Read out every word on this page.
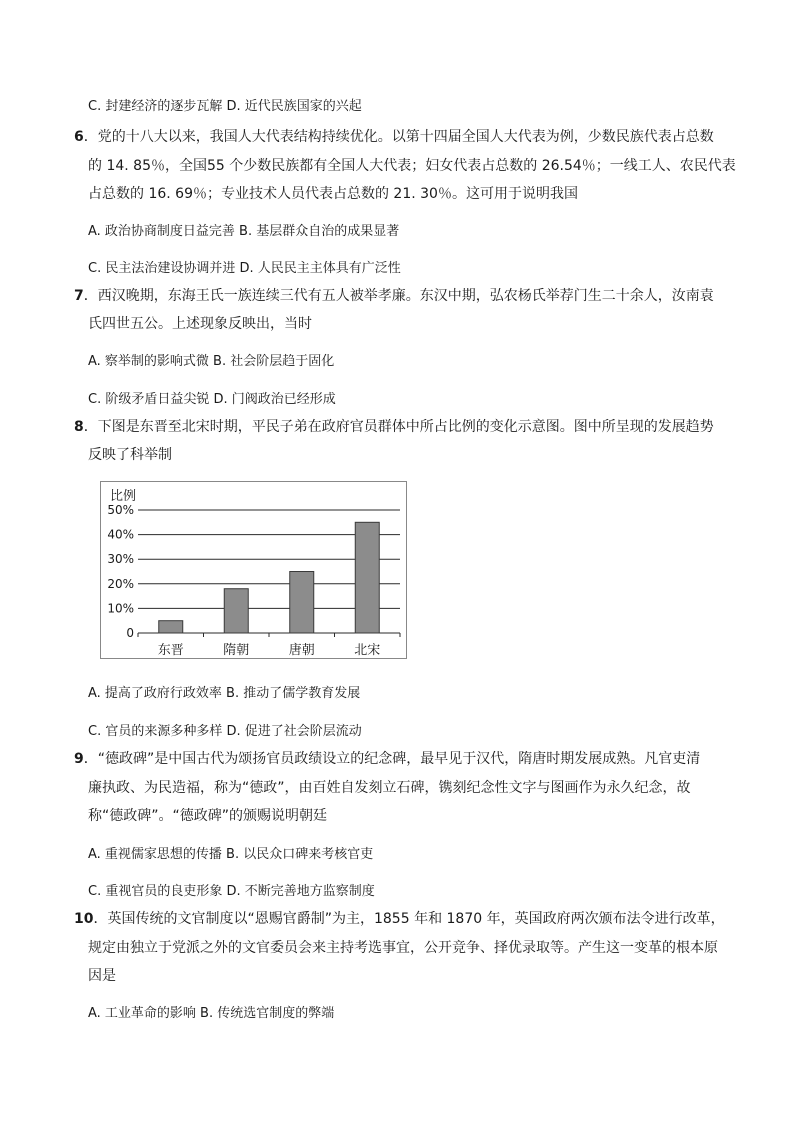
C. 封建经济的逐步瓦解 D. 近代民族国家的兴起
6．党的十八大以来，我国人大代表结构持续优化。以第十四届全国人大代表为例，少数民族代表占总数
的 14. 85％，全国55 个少数民族都有全国人大代表；妇女代表占总数的 26.54％；一线工人、农民代表
占总数的 16. 69％；专业技术人员代表占总数的 21. 30％。这可用于说明我国
A. 政治协商制度日益完善 B. 基层群众自治的成果显著
C. 民主法治建设协调并进 D. 人民民主主体具有广泛性
7．西汉晚期，东海王氏一族连续三代有五人被举孝廉。东汉中期，弘农杨氏举荐门生二十余人，汝南袁
氏四世五公。上述现象反映出，当时
A. 察举制的影响式微 B. 社会阶层趋于固化
C. 阶级矛盾日益尖锐 D. 门阀政治已经形成
8．下图是东晋至北宋时期，平民子弟在政府官员群体中所占比例的变化示意图。图中所呈现的发展趋势
反映了科举制
比例
0
10%
20%
30%
40%
50%
东晋	隋朝	唐朝	北宋
A. 提高了政府行政效率 B. 推动了儒学教育发展
C. 官员的来源多种多样 D. 促进了社会阶层流动
9．“德政碑”是中国古代为颂扬官员政绩设立的纪念碑，最早见于汉代，隋唐时期发展成熟。凡官吏清
廉执政、为民造福，称为“德政”，由百姓自发刻立石碑，镌刻纪念性文字与图画作为永久纪念，故
称“德政碑”。“德政碑”的颁赐说明朝廷
A. 重视儒家思想的传播 B. 以民众口碑来考核官吏
C. 重视官员的良吏形象 D. 不断完善地方监察制度
10．英国传统的文官制度以“恩赐官爵制”为主，1855 年和 1870 年，英国政府两次颁布法令进行改革，
规定由独立于党派之外的文官委员会来主持考选事宜，公开竞争、择优录取等。产生这一变革的根本原
因是
A. 工业革命的影响 B. 传统选官制度的弊端
